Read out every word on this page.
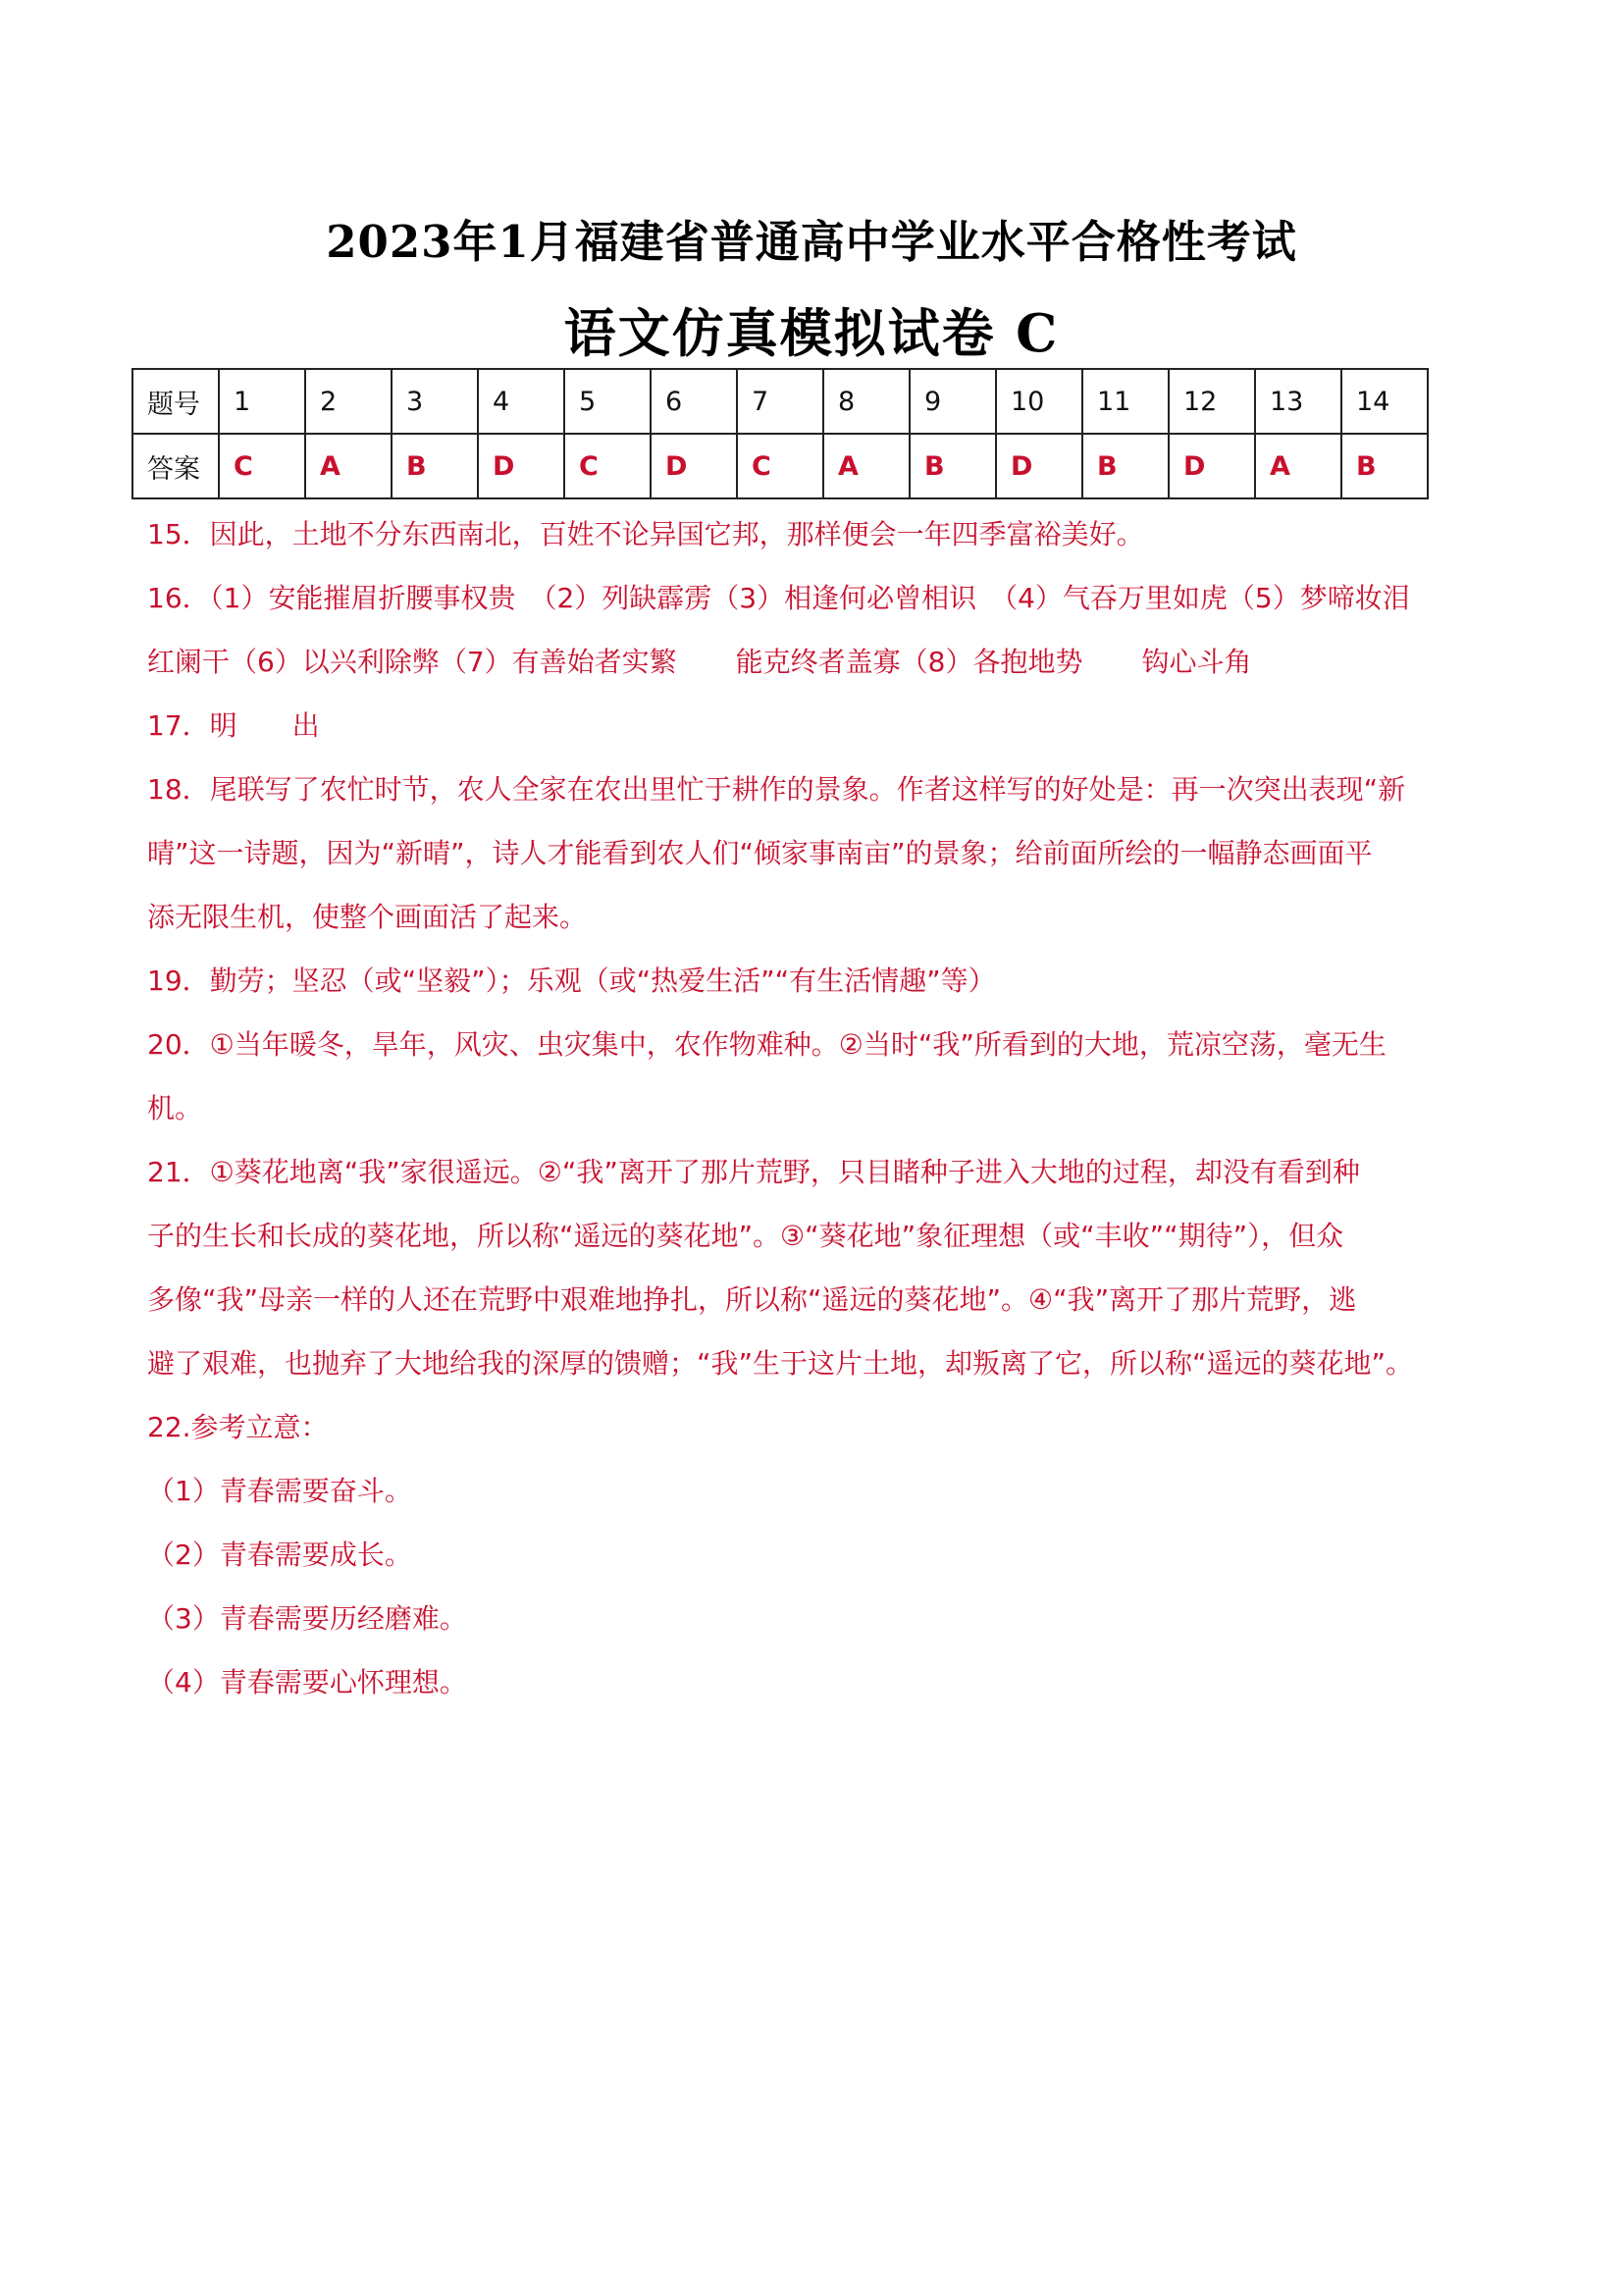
2023年1月福建省普通高中学业水平合格性考试
语文仿真模拟试卷 C
题号	1	2	3	4	5	6	7	8	9	10	11	12	13	14
答案	C	A	B	D	C	D	C	A	B	D	B	D	A	B

15．因此，土地不分东西南北，百姓不论异国它邦，那样便会一年四季富裕美好。

16．（1）安能摧眉折腰事权贵　（2）列缺霹雳（3）相逢何必曾相识　（4）气吞万里如虎（5）梦啼妆泪

红阑干（6）以兴利除弊（7）有善始者实繁 能克终者盖寡（8）各抱地势 钩心斗角

17．明　　出

18．尾联写了农忙时节，农人全家在农出里忙于耕作的景象。作者这样写的好处是：再一次突出表现“新

晴”这一诗题，因为“新晴”，诗人才能看到农人们“倾家事南亩”的景象；给前面所绘的一幅静态画面平

添无限生机，使整个画面活了起来。

19．勤劳；坚忍（或“坚毅”）；乐观（或“热爱生活”“有生活情趣”等）

20．①当年暖冬，旱年，风灾、虫灾集中，农作物难种。②当时“我”所看到的大地，荒凉空荡，毫无生

机。

21．①葵花地离“我”家很遥远。②“我”离开了那片荒野，只目睹种子进入大地的过程，却没有看到种

子的生长和长成的葵花地，所以称“遥远的葵花地”。③“葵花地”象征理想（或“丰收”“期待”），但众

多像“我”母亲一样的人还在荒野中艰难地挣扎，所以称“遥远的葵花地”。④“我”离开了那片荒野，逃

避了艰难，也抛弃了大地给我的深厚的馈赠；“我”生于这片土地，却叛离了它，所以称“遥远的葵花地”。

22.参考立意：

（1）青春需要奋斗。

（2）青春需要成长。

（3）青春需要历经磨难。

（4）青春需要心怀理想。
